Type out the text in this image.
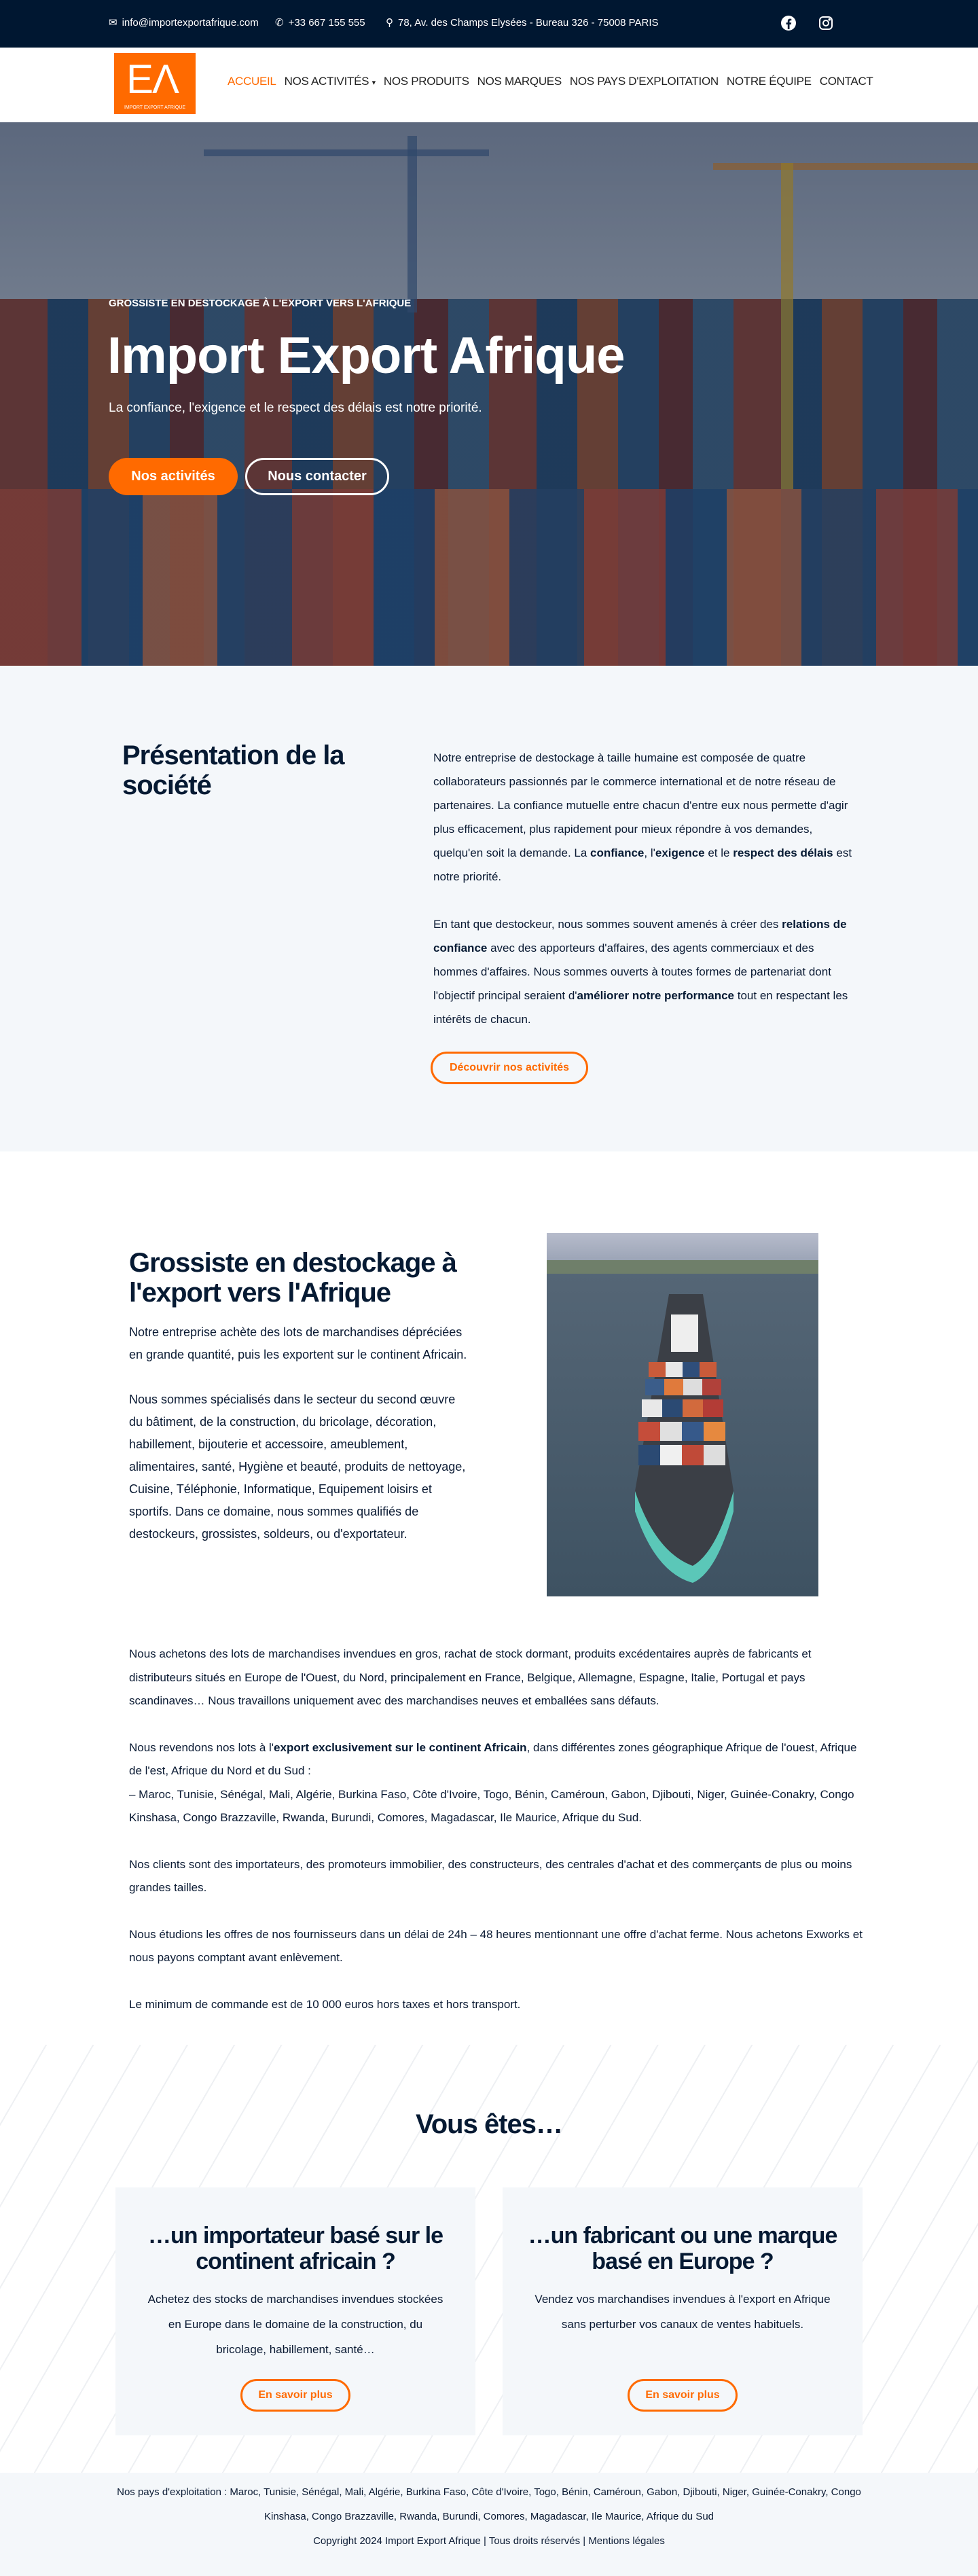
✉ info@importexportafrique.com ✆ +33 667 155 555 ⚲ 78, Av. des Champs Elysées - Bureau 326 - 75008 PARIS
EΛ
IMPORT EXPORT AFRIQUE
ACCUEIL NOS ACTIVITÉS ▾ NOS PRODUITS NOS MARQUES NOS PAYS D'EXPLOITATION NOTRE ÉQUIPE CONTACT
GROSSISTE EN DESTOCKAGE À L'EXPORT VERS L'AFRIQUE
Import Export Afrique

La confiance, l'exigence et le respect des délais est notre priorité.

Nos activités	Nous contacter
Présentation de la société

Notre entreprise de destockage à taille humaine est composée de quatre collaborateurs passionnés par le commerce international et de notre réseau de partenaires. La confiance mutuelle entre chacun d'entre eux nous permette d'agir plus efficacement, plus rapidement pour mieux répondre à vos demandes, quelqu'en soit la demande. La confiance, l'exigence et le respect des délais est notre priorité.

En tant que destockeur, nous sommes souvent amenés à créer des relations de confiance avec des apporteurs d'affaires, des agents commerciaux et des hommes d'affaires. Nous sommes ouverts à toutes formes de partenariat dont l'objectif principal seraient d'améliorer notre performance tout en respectant les intérêts de chacun.

Découvrir nos activités
Grossiste en destockage à l'export vers l'Afrique

Notre entreprise achète des lots de marchandises dépréciées en grande quantité, puis les exportent sur le continent Africain.

Nous sommes spécialisés dans le secteur du second œuvre du bâtiment, de la construction, du bricolage, décoration, habillement, bijouterie et accessoire, ameublement, alimentaires, santé, Hygiène et beauté, produits de nettoyage, Cuisine, Téléphonie, Informatique, Equipement loisirs et sportifs. Dans ce domaine, nous sommes qualifiés de destockeurs, grossistes, soldeurs, ou d'exportateur.

Nous achetons des lots de marchandises invendues en gros, rachat de stock dormant, produits excédentaires auprès de fabricants et distributeurs situés en Europe de l'Ouest, du Nord, principalement en France, Belgique, Allemagne, Espagne, Italie, Portugal et pays scandinaves… Nous travaillons uniquement avec des marchandises neuves et emballées sans défauts.

Nous revendons nos lots à l'export exclusivement sur le continent Africain, dans différentes zones géographique Afrique de l'ouest, Afrique de l'est, Afrique du Nord et du Sud :
– Maroc, Tunisie, Sénégal, Mali, Algérie, Burkina Faso, Côte d'Ivoire, Togo, Bénin, Caméroun, Gabon, Djibouti, Niger, Guinée-Conakry, Congo Kinshasa, Congo Brazzaville, Rwanda, Burundi, Comores, Magadascar, Ile Maurice, Afrique du Sud.

Nos clients sont des importateurs, des promoteurs immobilier, des constructeurs, des centrales d'achat et des commerçants de plus ou moins grandes tailles.

Nous étudions les offres de nos fournisseurs dans un délai de 24h – 48 heures mentionnant une offre d'achat ferme. Nous achetons Exworks et nous payons comptant avant enlèvement.

Le minimum de commande est de 10 000 euros hors taxes et hors transport.

Vous êtes…
…un importateur basé sur le continent africain ?

Achetez des stocks de marchandises invendues stockées en Europe dans le domaine de la construction, du bricolage, habillement, santé…

En savoir plus
…un fabricant ou une marque basé en Europe ?

Vendez vos marchandises invendues à l'export en Afrique sans perturber vos canaux de ventes habituels.

En savoir plus

Nos pays d'exploitation : Maroc, Tunisie, Sénégal, Mali, Algérie, Burkina Faso, Côte d'Ivoire, Togo, Bénin, Caméroun, Gabon, Djibouti, Niger, Guinée-Conakry, Congo Kinshasa, Congo Brazzaville, Rwanda, Burundi, Comores, Magadascar, Ile Maurice, Afrique du Sud

Copyright 2024 Import Export Afrique | Tous droits réservés | Mentions légales
